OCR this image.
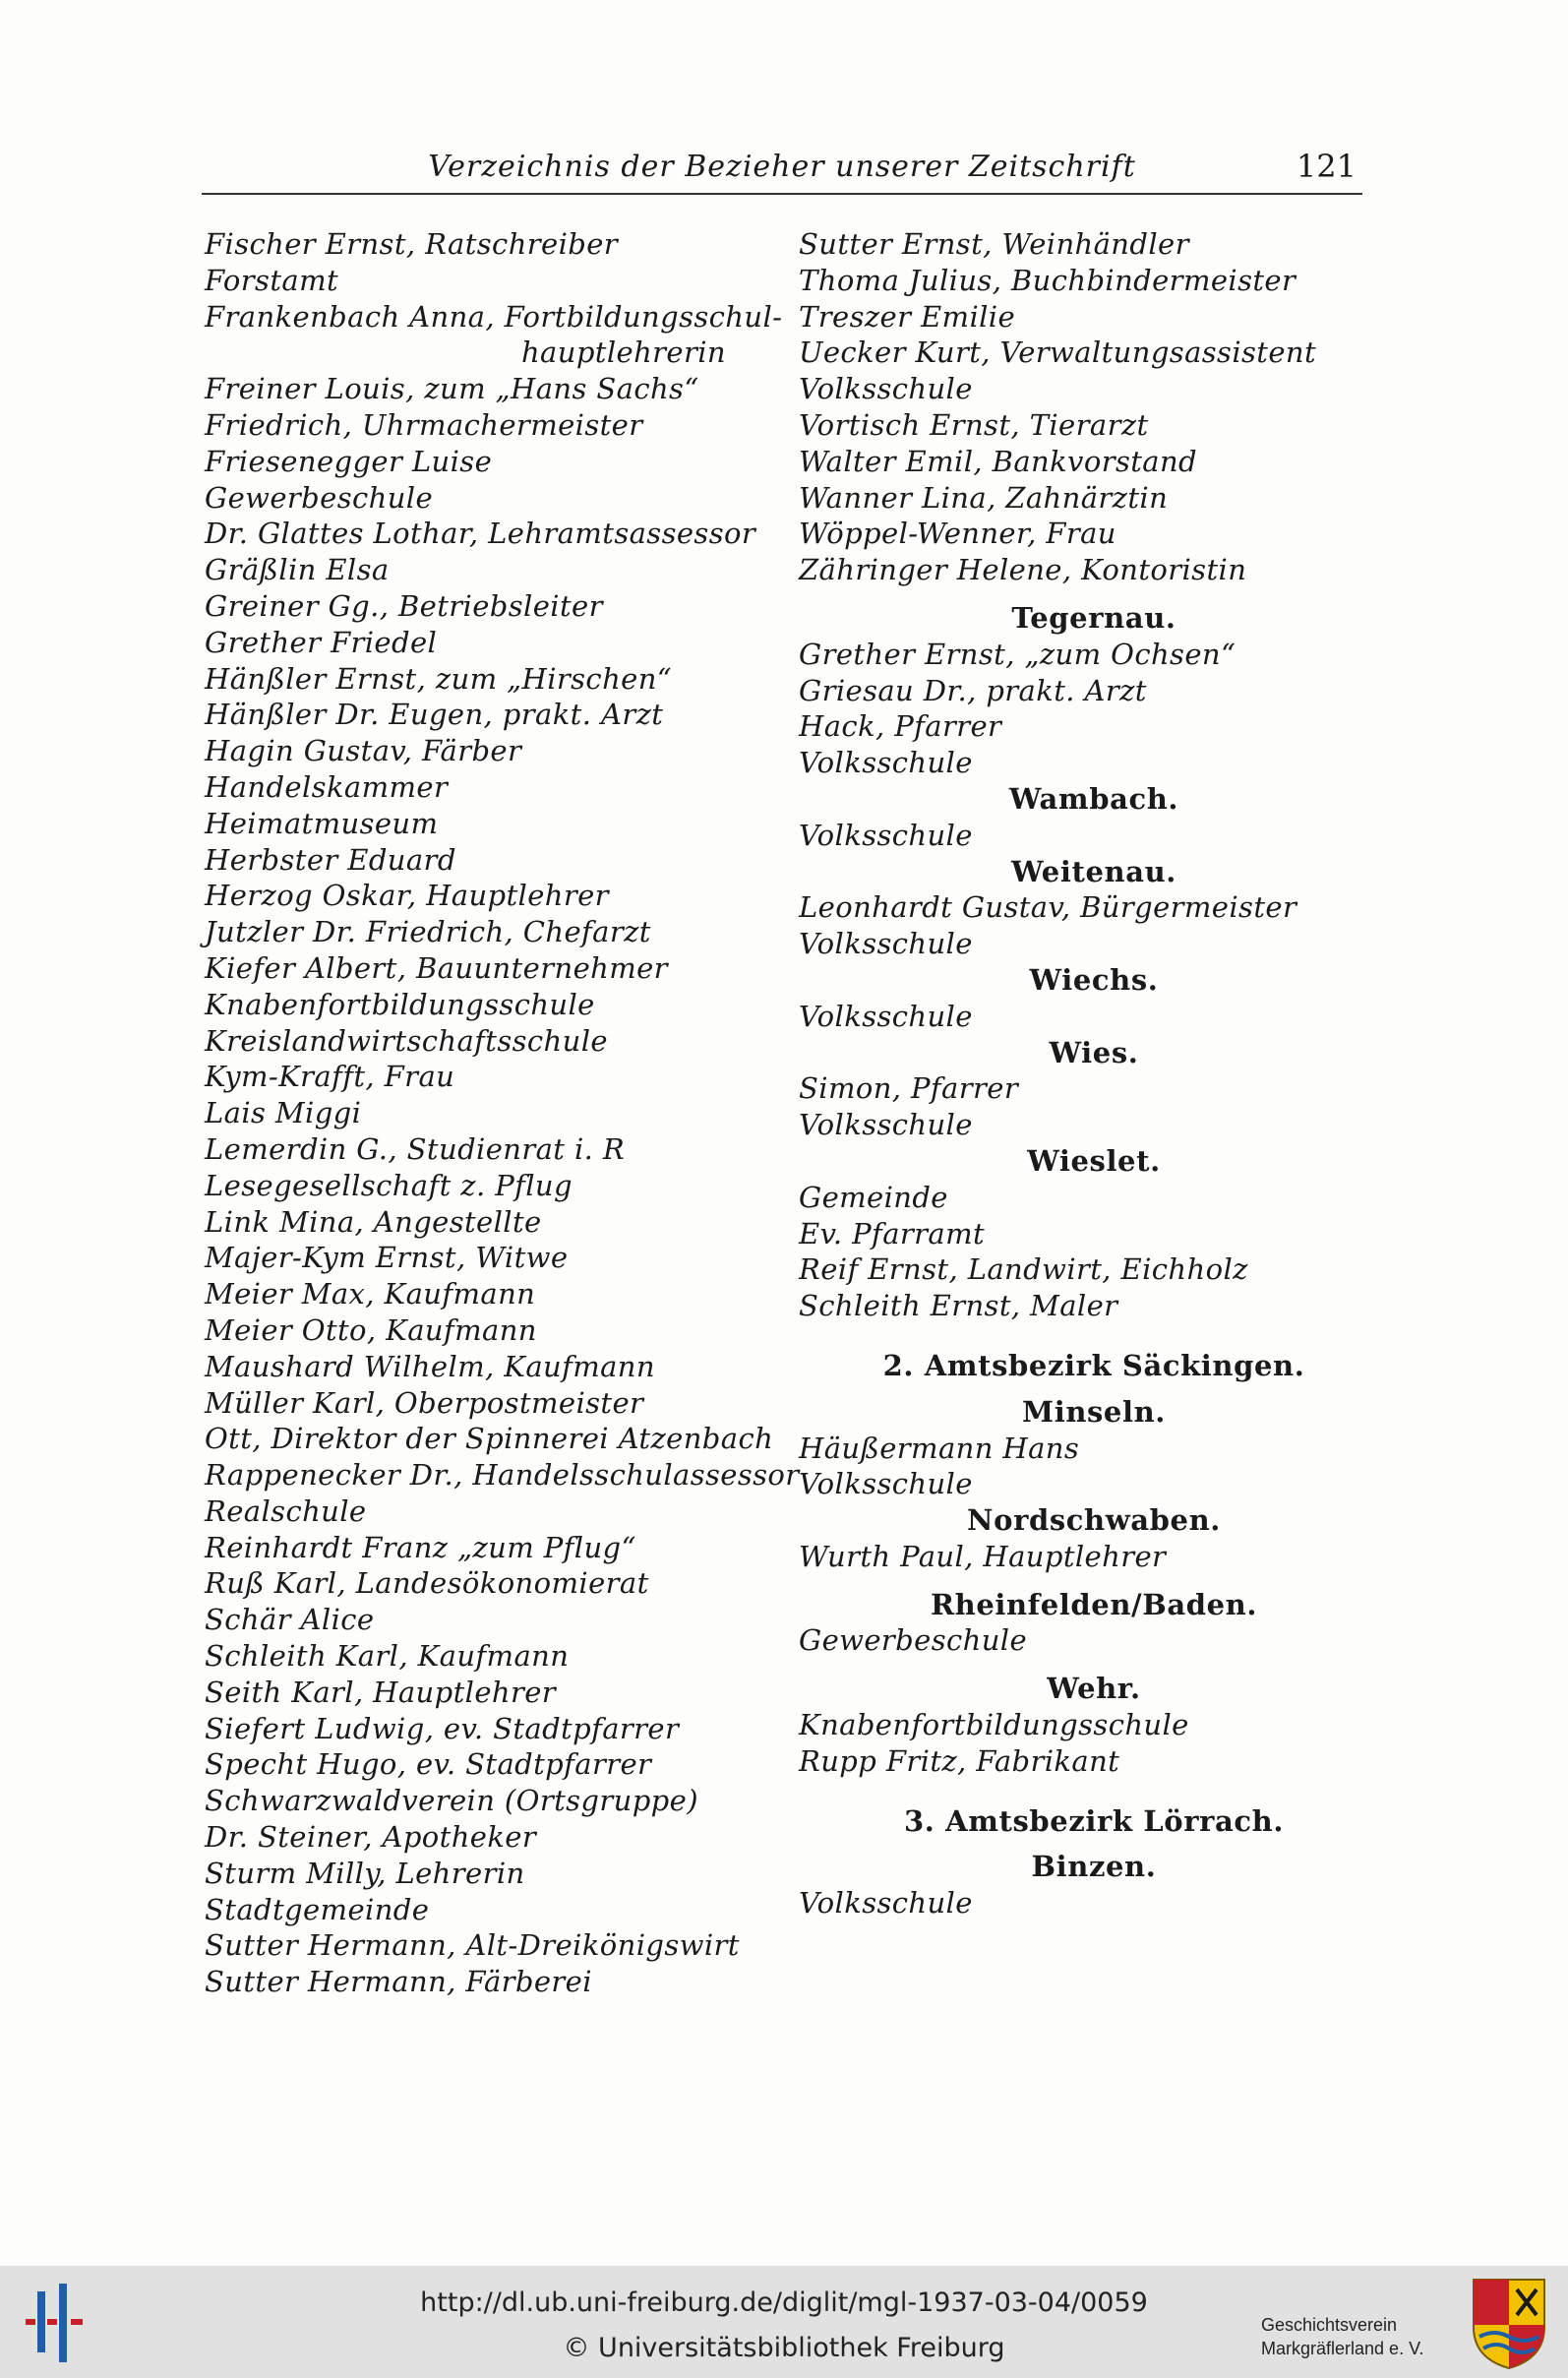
Verzeichnis der Bezieher unserer Zeitschrift	121
Fischer Ernst, Ratschreiber
Forstamt
Frankenbach Anna, Fortbildungsschul-
hauptlehrerin
Freiner Louis, zum „Hans Sachs“
Friedrich, Uhrmachermeister
Friesenegger Luise
Gewerbeschule
Dr. Glattes Lothar, Lehramtsassessor
Gräßlin Elsa
Greiner Gg., Betriebsleiter
Grether Friedel
Hänßler Ernst, zum „Hirschen“
Hänßler Dr. Eugen, prakt. Arzt
Hagin Gustav, Färber
Handelskammer
Heimatmuseum
Herbster Eduard
Herzog Oskar, Hauptlehrer
Jutzler Dr. Friedrich, Chefarzt
Kiefer Albert, Bauunternehmer
Knabenfortbildungsschule
Kreislandwirtschaftsschule
Kym-Krafft, Frau
Lais Miggi
Lemerdin G., Studienrat i. R
Lesegesellschaft z. Pflug
Link Mina, Angestellte
Majer-Kym Ernst, Witwe
Meier Max, Kaufmann
Meier Otto, Kaufmann
Maushard Wilhelm, Kaufmann
Müller Karl, Oberpostmeister
Ott, Direktor der Spinnerei Atzenbach
Rappenecker Dr., Handelsschulassessor
Realschule
Reinhardt Franz „zum Pflug“
Ruß Karl, Landesökonomierat
Schär Alice
Schleith Karl, Kaufmann
Seith Karl, Hauptlehrer
Siefert Ludwig, ev. Stadtpfarrer
Specht Hugo, ev. Stadtpfarrer
Schwarzwaldverein (Ortsgruppe)
Dr. Steiner, Apotheker
Sturm Milly, Lehrerin
Stadtgemeinde
Sutter Hermann, Alt-Dreikönigswirt
Sutter Hermann, Färberei
Sutter Ernst, Weinhändler
Thoma Julius, Buchbindermeister
Treszer Emilie
Uecker Kurt, Verwaltungsassistent
Volksschule
Vortisch Ernst, Tierarzt
Walter Emil, Bankvorstand
Wanner Lina, Zahnärztin
Wöppel-Wenner, Frau
Zähringer Helene, Kontoristin
Tegernau.
Grether Ernst, „zum Ochsen“
Griesau Dr., prakt. Arzt
Hack, Pfarrer
Volksschule
Wambach.
Volksschule
Weitenau.
Leonhardt Gustav, Bürgermeister
Volksschule
Wiechs.
Volksschule
Wies.
Simon, Pfarrer
Volksschule
Wieslet.
Gemeinde
Ev. Pfarramt
Reif Ernst, Landwirt, Eichholz
Schleith Ernst, Maler
2. Amtsbezirk Säckingen.
Minseln.
Häußermann Hans
Volksschule
Nordschwaben.
Wurth Paul, Hauptlehrer
Rheinfelden/Baden.
Gewerbeschule
Wehr.
Knabenfortbildungsschule
Rupp Fritz, Fabrikant
3. Amtsbezirk Lörrach.
Binzen.
Volksschule
http://dl.ub.uni-freiburg.de/diglit/mgl-1937-03-04/0059
© Universitätsbibliothek Freiburg
Geschichtsverein
Markgräflerland e. V.
